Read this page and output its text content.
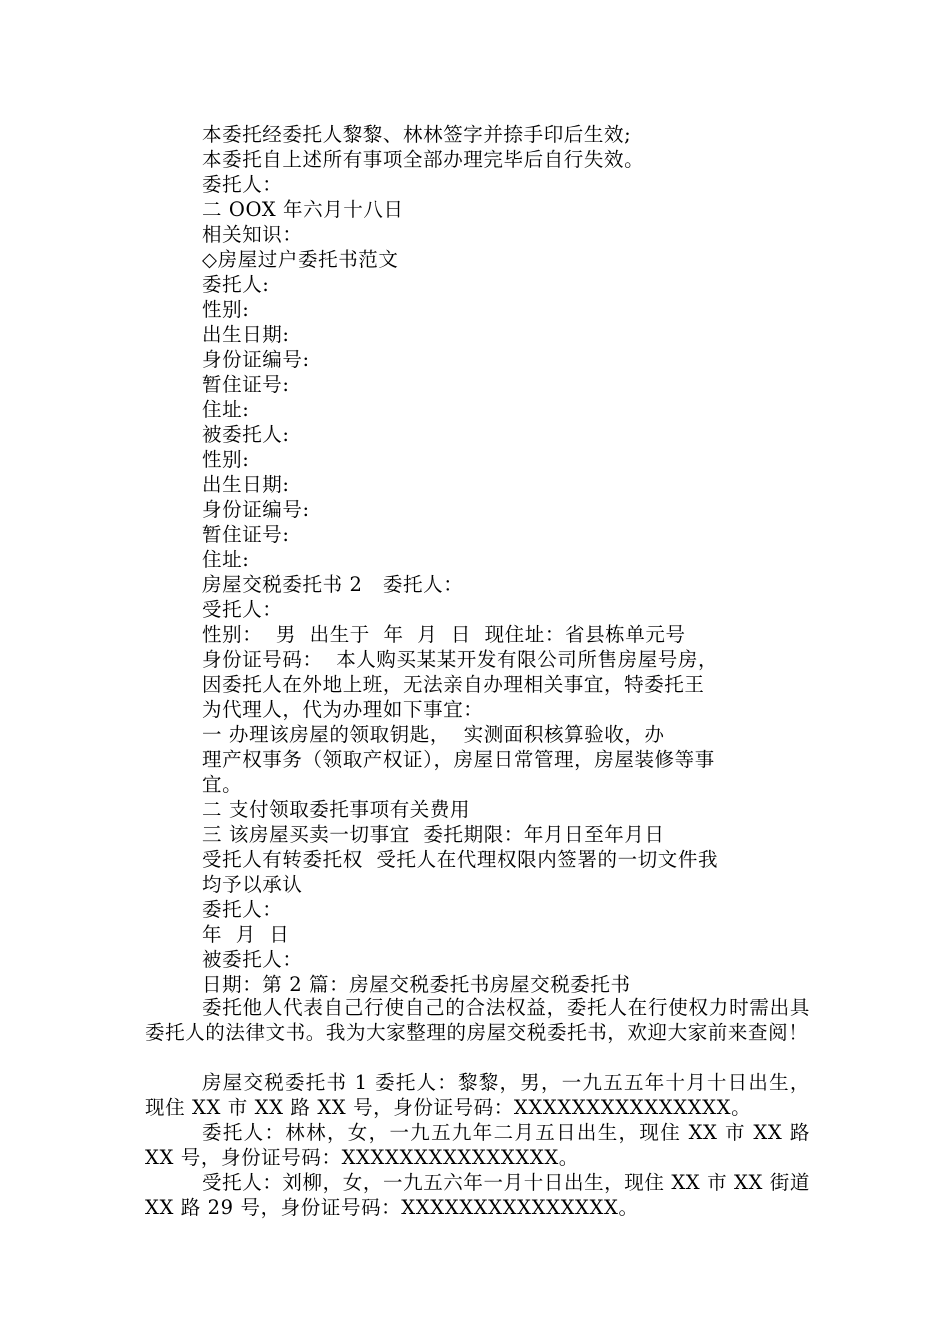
本委托经委托人黎黎、林林签字并捺手印后生效;
本委托自上述所有事项全部办理完毕后自行失效。
委托人：
二 OOX 年六月十八日
相关知识：
◇房屋过户委托书范文
委托人:
性别:
出生日期:
身份证编号:
暂住证号:
住址:
被委托人:
性别:
出生日期:
身份证编号:
暂住证号:
住址:
房屋交税委托书 2   委托人：
受托人：
性别：  男  出生于  年  月  日  现住址：省县栋单元号
身份证号码：  本人购买某某开发有限公司所售房屋号房，
因委托人在外地上班，无法亲自办理相关事宜，特委托王
为代理人，代为办理如下事宜：
一 办理该房屋的领取钥匙，  实测面积核算验收，办
理产权事务（领取产权证），房屋日常管理，房屋装修等事
宜。
二 支付领取委托事项有关费用
三 该房屋买卖一切事宜  委托期限：年月日至年月日
受托人有转委托权  受托人在代理权限内签署的一切文件我
均予以承认
委托人：
年  月  日
被委托人：
日期：第 2 篇：房屋交税委托书房屋交税委托书
委托他人代表自己行使自己的合法权益，委托人在行使权力时需出具委托人的法律文书。我为大家整理的房屋交税委托书，欢迎大家前来查阅！
房屋交税委托书 1 委托人：黎黎，男，一九五五年十月十日出生，现住 XX 市 XX 路 XX 号，身份证号码：XXXXXXXXXXXXXXX。
委托人：林林，女，一九五九年二月五日出生，现住 XX 市 XX 路 XX 号，身份证号码：XXXXXXXXXXXXXXX。
受托人：刘柳，女，一九五六年一月十日出生，现住 XX 市 XX 街道 XX 路 29 号，身份证号码：XXXXXXXXXXXXXXX。
